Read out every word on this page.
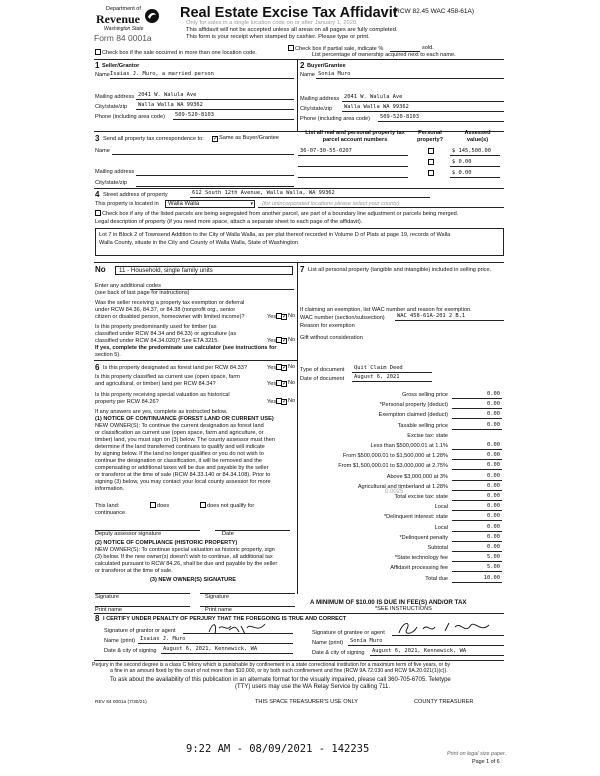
Department of
Revenue
Washington State
Form 84 0001a
Real Estate Excise Tax Affidavit
(RCW 82.45 WAC 458-61A)
Only for sales in a single location code on or after January 1, 2020.
This affidavit will not be accepted unless all areas on all pages are fully completed.
This form is your receipt when stamped by cashier. Please type or print.
Check box if the sale occurred in more than one location code.
Check box if partial sale, indicate %	sold.
List percentage of ownership acquired next to each name.
1 Seller/Grantor
Name Isaias J. Muro, a married person
Mailing address 2041 W. Walula Ave
City/state/zip Walla Walla WA 99362
Phone (including area code) 509-520-8103
2 Buyer/Grantee
Name Sonia Muro
Mailing address 2041 W. Walula Ave
City/state/zip Walla Walla WA 99362
Phone (including area code) 509-520-8103
3 Send all property tax correspondence to: ✓	Same as Buyer/Grantee
Name
Mailing address
City/state/zip
List all real and personal property tax parcel account numbers
Personal property?
Assessed value(s)
36-07-30-55-0207	$ 145,500.00
$ 0.00
$ 0.00
4 Street address of property	612 South 12th Avenue, Walla Walla, WA 99362
This property is located in Walla Walla	▾ (for unincorporated locations please select your county)
Check box if any of the listed parcels are being segregated from another parcel, are part of a boundary line adjustment or parcels being merged.
Legal description of property (if you need more space, attach a separate sheet to each page of the affidavit).
Lot 7 in Block 2 of Townsend Addition to the City of Walla Walla, as per plat thereof recorded in Volume D of Plats at page 19, records of Walla
Walla County, situate in the City and County of Walla Walla, State of Washington
No 11 - Household, single family units
Enter any additional codes
(see back of last page for instructions)
Was the seller receiving a property tax exemption or deferral
under RCW 84.36, 84.37, or 84.38 (nonprofit org., senior
citizen or disabled person, homeowner with limited income)?	Yes ✓	No
Is this property predominantly used for timber (as
classified under RCW 84.34 and 84.33) or agriculture (as
classified under RCW 84.34.020)? See ETA 3215.	Yes ✓	No
If yes, complete the predominate use calculator (see instructions for
section 5).
6 Is this property designated as forest land per RCW 84.33?	Yes ✓	No
Is this property classified as current use (open space, farm
and agricultural, or timber) land per RCW 84.34?	Yes ✓	No
Is this property receiving special valuation as historical
property per RCW 84.26?	Yes ✓	No
If any answers are yes, complete as instructed below.
(1) NOTICE OF CONTINUANCE (FOREST LAND OR CURRENT USE)
NEW OWNER(S): To continue the current designation as forest land
or classification as current use (open space, farm and agriculture, or
timber) land, you must sign on (3) below. The county assessor must then
determine if the land transferred continues to qualify and will indicate
by signing below. If the land no longer qualifies or you do not wish to
continue the designation or classification, it will be removed and the
compensating or additional taxes will be due and payable by the seller
or transferor at the time of sale (RCW 84.33.140 or 84.34.108). Prior to
signing (3) below, you may contact your local county assessor for more
information.
This land:	does	does not qualify for
continuance.
Deputy assessor signature	Date
(2) NOTICE OF COMPLIANCE (HISTORIC PROPERTY)
NEW OWNER(S): To continue special valuation as historic property, sign
(3) below. If the new owner(s) doesn't wish to continue, all additional tax
calculated pursuant to RCW 84.26, shall be due and payable by the seller
or transferor at the time of sale.
(3) NEW OWNER(S) SIGNATURE
Signature	Signature
Print name	Print name
7 List all personal property (tangible and intangible) included in selling price.
If claiming an exemption, list WAC number and reason for exemption.
WAC number (section/subsection) WAC 458-61A-201 2 B.1
Reason for exemption
Gift without consideration
Type of document Quit Claim Deed
Date of document August 6, 2021
Gross selling price	0.00
*Personal property (deduct)	0.00
Exemption claimed (deduct)	0.00
Taxable selling price	0.00
Excise tax: state
Less than $500,000.01 at 1.1%	0.00
From $500,000.01 to $1,500,000 at 1.28%	0.00
From $1,500,000.01 to $3,000,000 at 2.75%	0.00
Above $3,000,000 at 3%	0.00
Agricultural and timberland at 1.28%	0.00
Total excise tax: state	0.00
Local	0.00
*Delinquent interest: state	0.00
Local	0.00
*Delinquent penalty	0.00
Subtotal	0.00
*State technology fee	5.00
Affidavit processing fee	5.00
Total due	10.00
0.0025
A MINIMUM OF $10.00 IS DUE IN FEE(S) AND/OR TAX
*SEE INSTRUCTIONS
8 I CERTIFY UNDER PENALTY OF PERJURY THAT THE FOREGOING IS TRUE AND CORRECT
Signature of grantor or agent
Name (print) Isaias J. Muro
Date & city of signing August 6, 2021, Kennewick, WA
Signature of grantee or agent
Name (print) Sonia Muro
Date & city of signing August 6, 2021, Kennewick, WA
Perjury in the second degree is a class C felony which is punishable by confinement in a state correctional institution for a maximum term of five years, or by
a fine in an amount fixed by the court of not more than $10,000, or by both such confinement and fine (RCW 9A.72.030 and RCW 9A.20.021(1)(c)).
To ask about the availability of this publication in an alternate format for the visually impaired, please call 360-705-6705. Teletype
(TTY) users may use the WA Relay Service by calling 711.
REV 84 0001a (7/30/21)	THIS SPACE TREASURER'S USE ONLY	COUNTY TREASURER
9:22 AM - 08/09/2021 - 142235	Print on legal size paper.
Page 1 of 6
